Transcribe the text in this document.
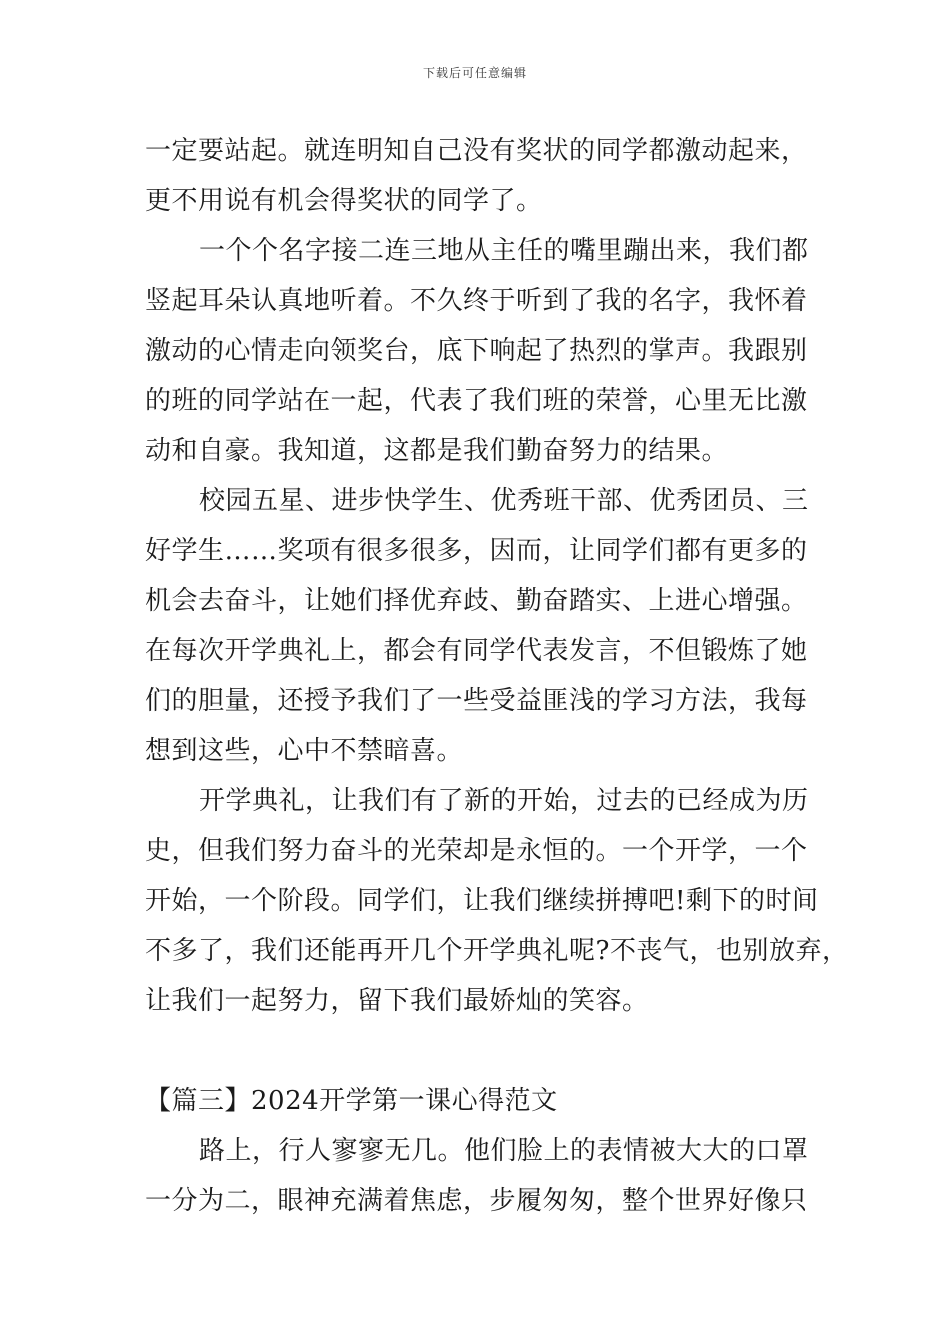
下载后可任意编辑
一定要站起。就连明知自己没有奖状的同学都激动起来，
更不用说有机会得奖状的同学了。
一个个名字接二连三地从主任的嘴里蹦出来，我们都
竖起耳朵认真地听着。不久终于听到了我的名字，我怀着
激动的心情走向领奖台，底下响起了热烈的掌声。我跟别
的班的同学站在一起，代表了我们班的荣誉，心里无比激
动和自豪。我知道，这都是我们勤奋努力的结果。
校园五星、进步快学生、优秀班干部、优秀团员、三
好学生……奖项有很多很多，因而，让同学们都有更多的
机会去奋斗，让她们择优弃歧、勤奋踏实、上进心增强。
在每次开学典礼上，都会有同学代表发言，不但锻炼了她
们的胆量，还授予我们了一些受益匪浅的学习方法，我每
想到这些，心中不禁暗喜。
开学典礼，让我们有了新的开始，过去的已经成为历
史，但我们努力奋斗的光荣却是永恒的。一个开学，一个
开始，一个阶段。同学们，让我们继续拼搏吧!剩下的时间
不多了，我们还能再开几个开学典礼呢?不丧气，也别放弃，
让我们一起努力，留下我们最娇灿的笑容。
【篇三】2024开学第一课心得范文
路上，行人寥寥无几。他们脸上的表情被大大的口罩
一分为二，眼神充满着焦虑，步履匆匆，整个世界好像只
